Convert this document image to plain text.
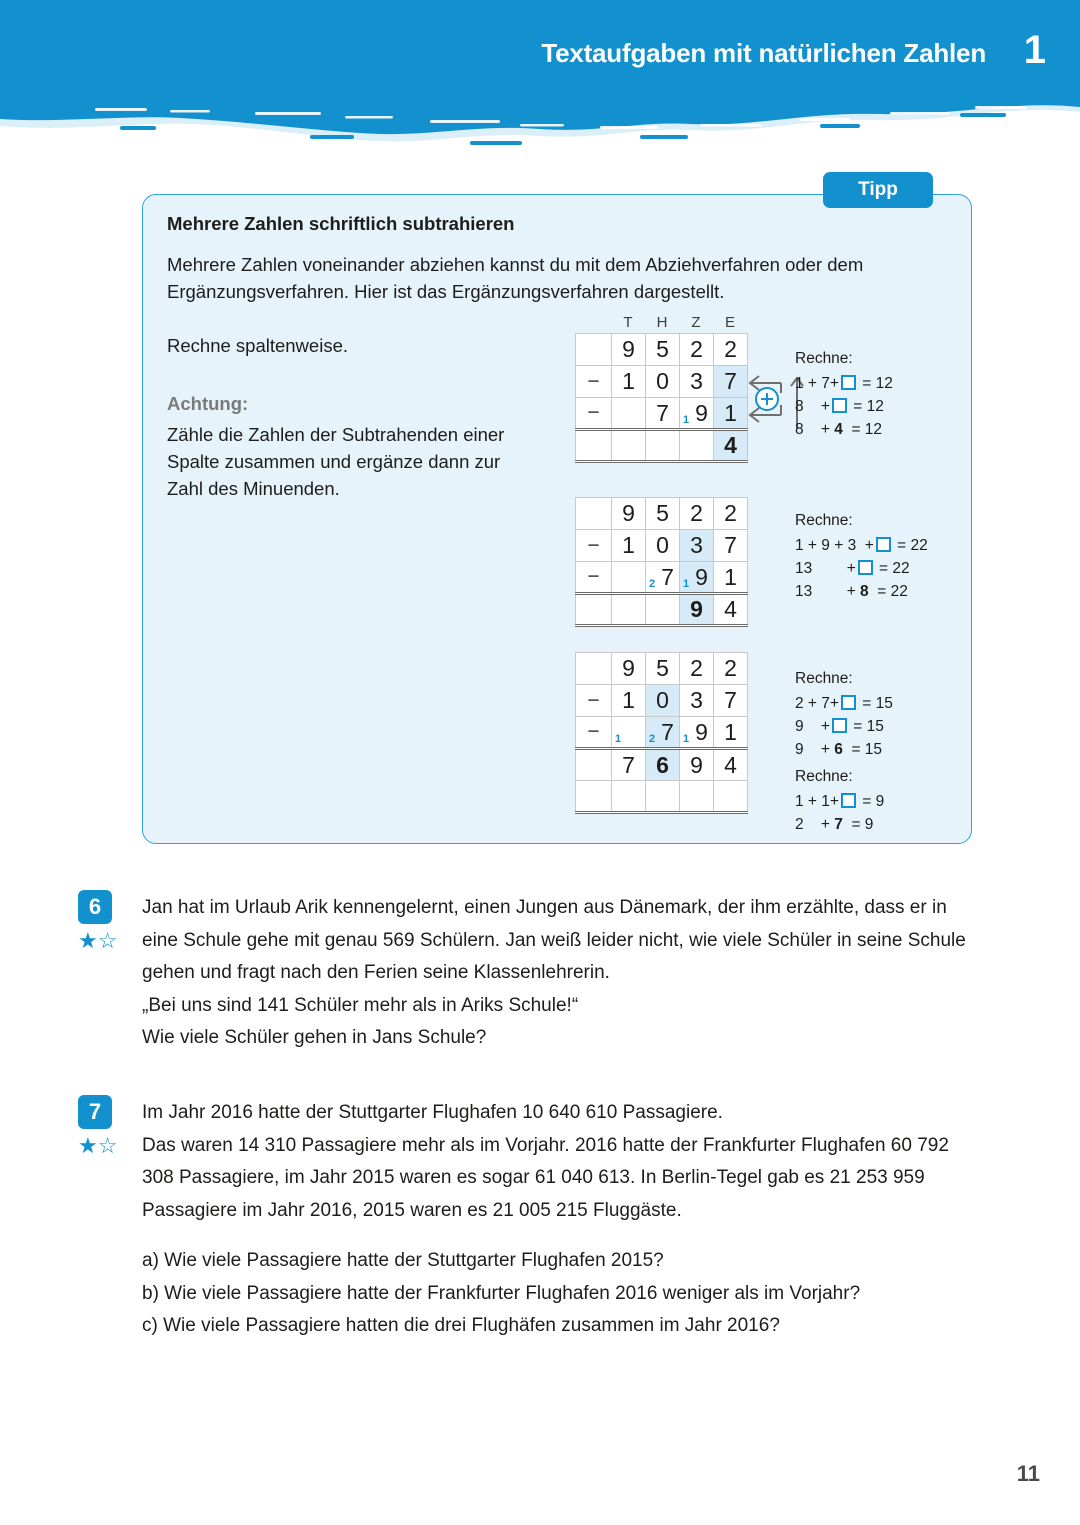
Textaufgaben mit natürlichen Zahlen 1
Tipp
Mehrere Zahlen schriftlich subtrahieren
Mehrere Zahlen voneinander abziehen kannst du mit dem Abziehverfahren oder dem Ergänzungsverfahren. Hier ist das Ergänzungsverfahren dargestellt.
Rechne spaltenweise.
Achtung:
Zähle die Zahlen der Subtrahenden einer Spalte zusammen und ergänze dann zur Zahl des Minuenden.
T	H	Z	E
	9	5	2	2
−	1	0	3	7
−		7	1 9	1
				4
	9	5	2	2
−	1	0	3	7
−		2 7	1 9	1
			9	4
	9	5	2	2
−	1	0	3	7
−	1	2 7	1 9	1
	7	6	9	4

Rechne:
1 + 7+ = 12
8    + = 12
8    + 4  = 12
Rechne:
1 + 9 + 3  + = 22
13        + = 22
13        + 8  = 22
Rechne:
2 + 7+ = 15
9    + = 15
9    + 6  = 15
Rechne:
1 + 1+ = 9
2    + 7  = 9
6
★☆

Jan hat im Urlaub Arik kennengelernt, einen Jungen aus Dänemark, der ihm erzählte, dass er in eine Schule gehe mit genau 569 Schülern. Jan weiß leider nicht, wie viele Schüler in seine Schule gehen und fragt nach den Ferien seine Klassenlehrerin.

„Bei uns sind 141 Schüler mehr als in Ariks Schule!“

Wie viele Schüler gehen in Jans Schule?

7
★☆

Im Jahr 2016 hatte der Stuttgarter Flughafen 10 640 610 Passagiere.

Das waren 14 310 Passagiere mehr als im Vorjahr. 2016 hatte der Frankfurter Flughafen 60 792 308 Passagiere, im Jahr 2015 waren es sogar 61 040 613. In Berlin-Tegel gab es 21 253 959 Passagiere im Jahr 2016, 2015 waren es 21 005 215 Fluggäste.

a) Wie viele Passagiere hatte der Stuttgarter Flughafen 2015?

b) Wie viele Passagiere hatte der Frankfurter Flughafen 2016 weniger als im Vorjahr?

c) Wie viele Passagiere hatten die drei Flughäfen zusammen im Jahr 2016?

11
